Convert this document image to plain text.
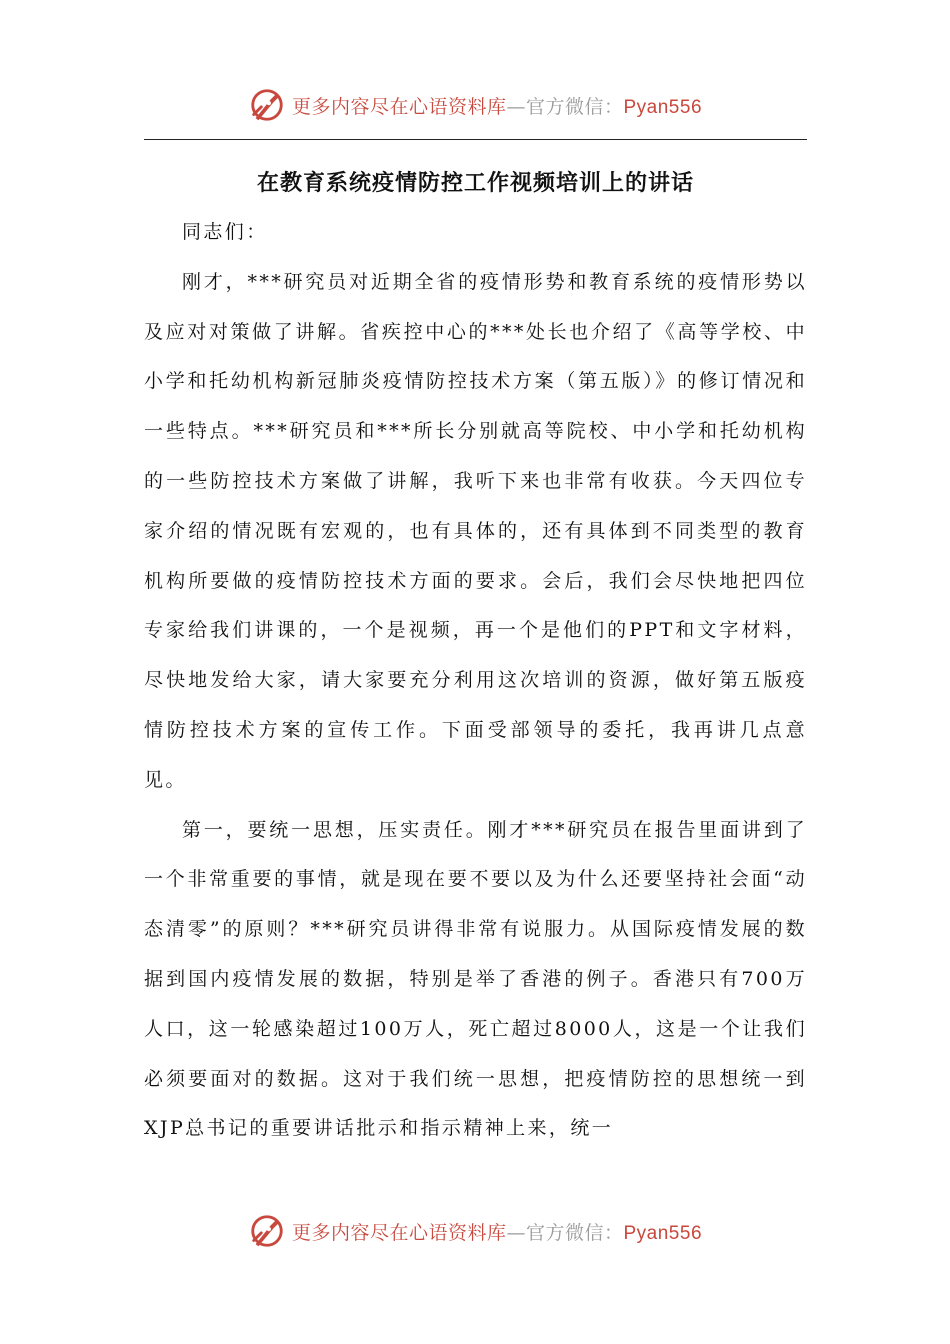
更多内容尽在心语资料库—官方微信：Pyan556
在教育系统疫情防控工作视频培训上的讲话

同志们：

刚才，***研究员对近期全省的疫情形势和教育系统的疫情形势以及应对对策做了讲解。省疾控中心的***处长也介绍了《高等学校、中小学和托幼机构新冠肺炎疫情防控技术方案（第五版）》的修订情况和一些特点。***研究员和***所长分别就高等院校、中小学和托幼机构的一些防控技术方案做了讲解，我听下来也非常有收获。今天四位专家介绍的情况既有宏观的，也有具体的，还有具体到不同类型的教育机构所要做的疫情防控技术方面的要求。会后，我们会尽快地把四位专家给我们讲课的，一个是视频，再一个是他们的PPT和文字材料，尽快地发给大家，请大家要充分利用这次培训的资源，做好第五版疫情防控技术方案的宣传工作。下面受部领导的委托，我再讲几点意见。

第一，要统一思想，压实责任。刚才***研究员在报告里面讲到了一个非常重要的事情，就是现在要不要以及为什么还要坚持社会面“动态清零”的原则？***研究员讲得非常有说服力。从国际疫情发展的数据到国内疫情发展的数据，特别是举了香港的例子。香港只有700万人口，这一轮感染超过100万人，死亡超过8000人，这是一个让我们必须要面对的数据。这对于我们统一思想，把疫情防控的思想统一到XJP总书记的重要讲话批示和指示精神上来，统一

更多内容尽在心语资料库—官方微信：Pyan556
